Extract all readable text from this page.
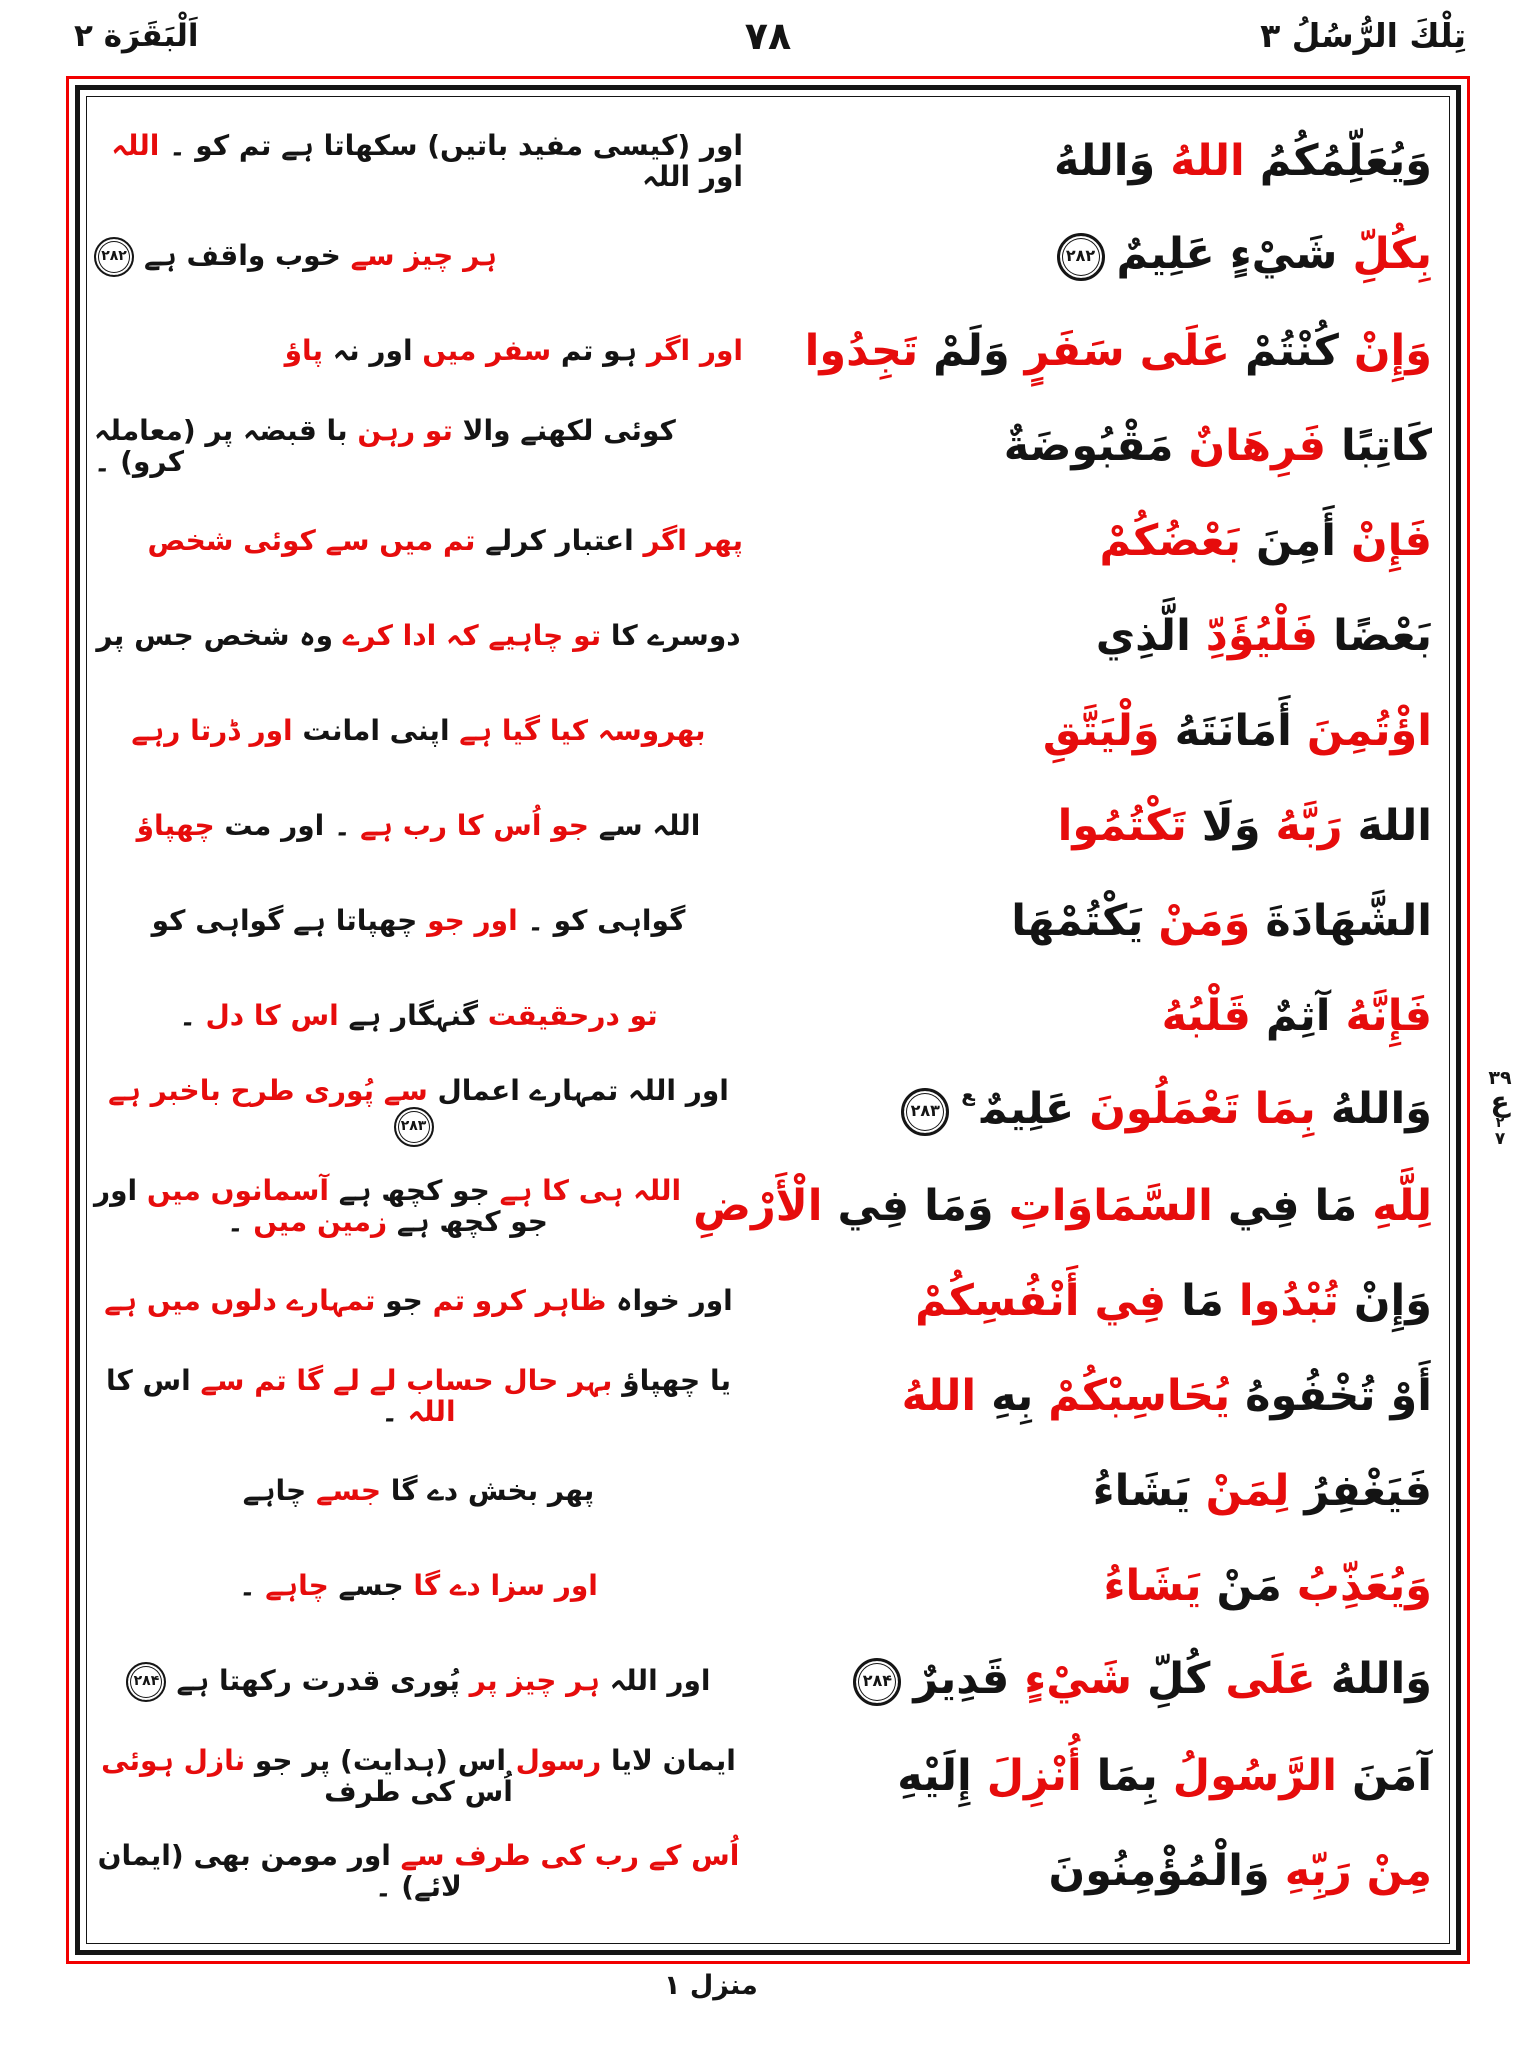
تِلْكَ الرُّسُلُ ۳
۷۸
اَلْبَقَرَة ۲
اور (کیسی مفید باتیں) سکھاتا ہے تم کو ۔ اللہ اور اللہ	وَيُعَلِّمُكُمُ اللهُ وَاللهُ
ہر چیز سے خوب واقف ہے۲۸۲	بِكُلِّ شَيْءٍ عَلِيمٌ۲۸۲
اور اگر ہو تم سفر میں اور نہ پاؤ	وَإِنْ كُنْتُمْ عَلَى سَفَرٍ وَلَمْ تَجِدُوا
کوئی لکھنے والا تو رہن با قبضہ پر (معاملہ کرو) ۔	كَاتِبًا فَرِهَانٌ مَقْبُوضَةٌ
پھر اگر اعتبار کرلے تم میں سے کوئی شخص	فَإِنْ أَمِنَ بَعْضُكُمْ
دوسرے کا تو چاہیے کہ ادا کرے وہ شخص جس پر	بَعْضًا فَلْيُؤَدِّ الَّذِي
بھروسہ کیا گیا ہے اپنی امانت اور ڈرتا رہے	اؤْتُمِنَ أَمَانَتَهُ وَلْيَتَّقِ
اللہ سے جو اُس کا رب ہے ۔ اور مت چھپاؤ	اللهَ رَبَّهُ وَلَا تَكْتُمُوا
گواہی کو ۔ اور جو چھپاتا ہے گواہی کو	الشَّهَادَةَ وَمَنْ يَكْتُمْهَا
تو درحقیقت گنہگار ہے اس کا دل ۔	فَإِنَّهُ آثِمٌ قَلْبُهُ
اور اللہ تمہارے اعمال سے پُوری طرح باخبر ہے۲۸۳	وَاللهُ بِمَا تَعْمَلُونَ عَلِيمٌ$^ع$۲۸۳
اللہ ہی کا ہے جو کچھ ہے آسمانوں میں اور جو کچھ ہے زمین میں ۔	لِلَّهِ مَا فِي السَّمَاوَاتِ وَمَا فِي الْأَرْضِ
اور خواہ ظاہر کرو تم جو تمہارے دلوں میں ہے	وَإِنْ تُبْدُوا مَا فِي أَنْفُسِكُمْ
یا چھپاؤ بہر حال حساب لے لے گا تم سے اس کا اللہ ۔	أَوْ تُخْفُوهُ يُحَاسِبْكُمْ بِهِ اللهُ
پھر بخش دے گا جسے چاہے	فَيَغْفِرُ لِمَنْ يَشَاءُ
اور سزا دے گا جسے چاہے ۔	وَيُعَذِّبُ مَنْ يَشَاءُ
اور اللہ ہر چیز پر پُوری قدرت رکھتا ہے۲۸۴	وَاللهُ عَلَى كُلِّ شَيْءٍ قَدِيرٌ۲۸۴
ایمان لایا رسول اس (ہدایت) پر جو نازل ہوئی اُس کی طرف	آمَنَ الرَّسُولُ بِمَا أُنْزِلَ إِلَيْهِ
اُس کے رب کی طرف سے اور مومن بھی (ایمان لائے) ۔	مِنْ رَبِّهِ وَالْمُؤْمِنُونَ
۳۹
ع
۲
۷
منزل ۱
